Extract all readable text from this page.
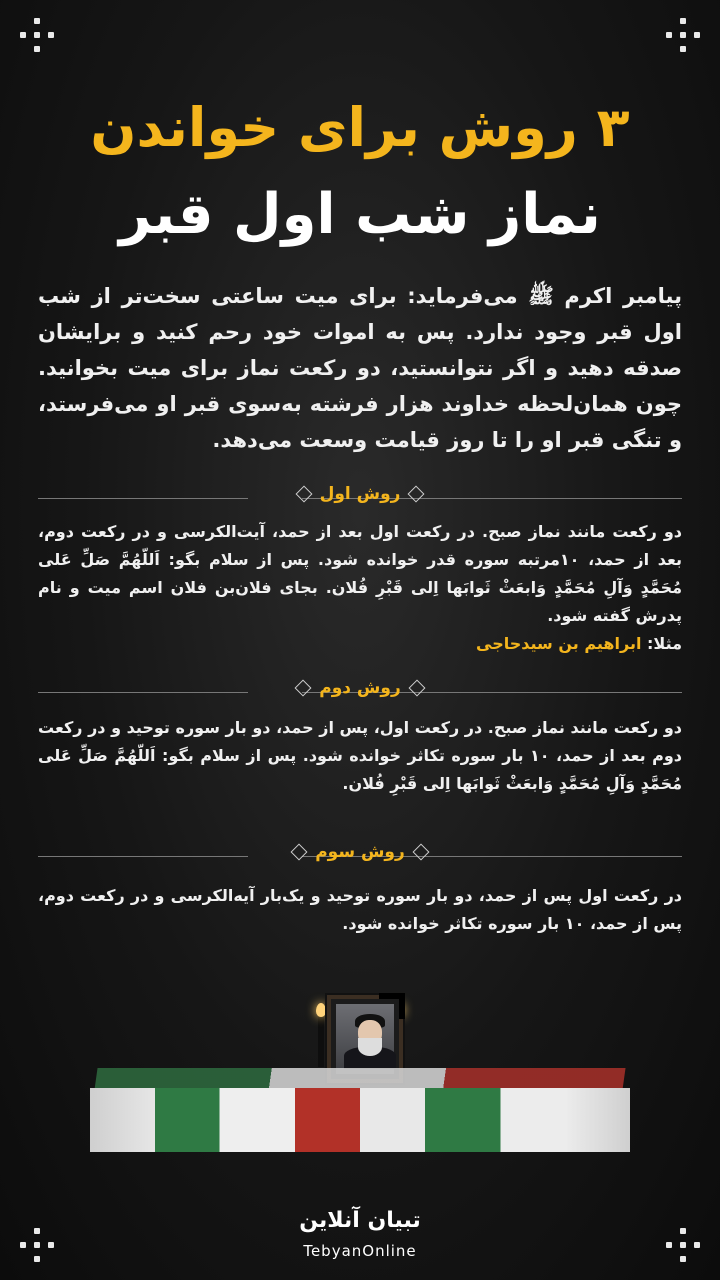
۳ روش برای خواندن
نماز شب اول قبر
پیامبر اکرم ﷺ می‌فرماید: برای میت ساعتی سخت‌تر از شب اول قبر وجود ندارد. پس به اموات خود رحم کنید و برایشان صدقه دهید و اگر نتوانستید، دو رکعت نماز برای میت بخوانید. چون همان‌لحظه خداوند هزار فرشته به‌سوی قبر او می‌فرستد، و تنگی قبر او را تا روز قیامت وسعت می‌دهد.
روش اول
دو رکعت مانند نماز صبح. در رکعت اول بعد از حمد، آیت‌الکرسی و در رکعت دوم، بعد از حمد، ۱۰مرتبه سوره قدر خوانده شود. پس از سلام بگو: اَللّهُمَّ صَلِّ عَلی مُحَمَّدٍ وَآلِ مُحَمَّدٍ وَابعَثْ ثَوابَها اِلی قَبْرِ فُلان. بجای فلان‌بن فلان اسم میت و نام پدرش گفته شود.
مثلا: ابراهیم بن سیدحاجی
روش دوم
دو رکعت مانند نماز صبح. در رکعت اول، پس از حمد، دو بار سوره توحید و در رکعت دوم بعد از حمد، ۱۰ بار سوره تکاثر خوانده شود. پس از سلام بگو: اَللّهُمَّ صَلِّ عَلی مُحَمَّدٍ وَآلِ مُحَمَّدٍ وَابعَثْ ثَوابَها اِلی قَبْرِ فُلان.
روش سوم
در رکعت اول پس از حمد، دو بار سوره توحید و یک‌بار آیه‌الکرسی و در رکعت دوم، پس از حمد، ۱۰ بار سوره تکاثر خوانده شود.
تبیان آنلاین
TebyanOnline
